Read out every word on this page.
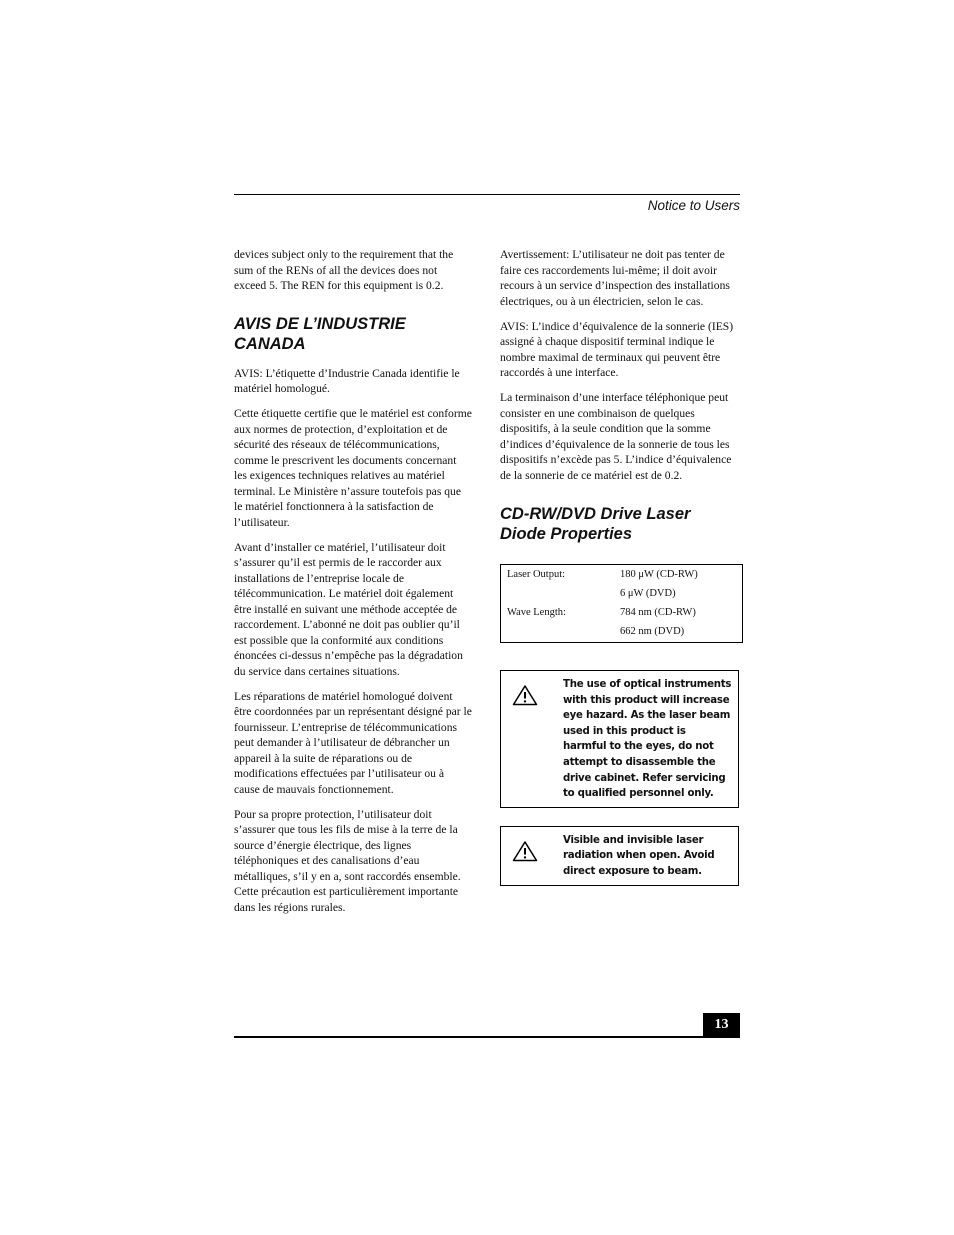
Notice to Users

devices subject only to the requirement that the sum of the RENs of all the devices does not exceed 5. The REN for this equipment is 0.2.

AVIS DE L’INDUSTRIE CANADA

AVIS: L’étiquette d’Industrie Canada identifie le matériel homologué.

Cette étiquette certifie que le matériel est conforme aux normes de protection, d’exploitation et de sécurité des réseaux de télécommunications, comme le prescrivent les documents concernant les exigences techniques relatives au matériel terminal. Le Ministère n’assure toutefois pas que le matériel fonctionnera à la satisfaction de l’utilisateur.

Avant d’installer ce matériel, l’utilisateur doit s’assurer qu’il est permis de le raccorder aux installations de l’entreprise locale de télécommunication. Le matériel doit également être installé en suivant une méthode acceptée de raccordement. L’abonné ne doit pas oublier qu’il est possible que la conformité aux conditions énoncées ci-dessus n’empêche pas la dégradation du service dans certaines situations.

Les réparations de matériel homologué doivent être coordonnées par un représentant désigné par le fournisseur. L’entreprise de télécommunications peut demander à l’utilisateur de débrancher un appareil à la suite de réparations ou de modifications effectuées par l’utilisateur ou à cause de mauvais fonctionnement.

Pour sa propre protection, l’utilisateur doit s’assurer que tous les fils de mise à la terre de la source d’énergie électrique, des lignes téléphoniques et des canalisations d’eau métalliques, s’il y en a, sont raccordés ensemble. Cette précaution est particulièrement importante dans les régions rurales.

Avertissement: L’utilisateur ne doit pas tenter de faire ces raccordements lui-même; il doit avoir recours à un service d’inspection des installations électriques, ou à un électricien, selon le cas.

AVIS: L’indice d’équivalence de la sonnerie (IES) assigné à chaque dispositif terminal indique le nombre maximal de terminaux qui peuvent être raccordés à une interface.

La terminaison d’une interface téléphonique peut consister en une combinaison de quelques dispositifs, à la seule condition que la somme d’indices d’équivalence de la sonnerie de tous les dispositifs n’excède pas 5. L’indice d’équivalence de la sonnerie de ce matériel est de 0.2.

CD-RW/DVD Drive Laser Diode Properties
Laser Output:	180 μW (CD-RW)
	6 μW (DVD)
Wave Length:	784 nm (CD-RW)
	662 nm (DVD)
The use of optical instruments with this product will increase eye hazard. As the laser beam used in this product is harmful to the eyes, do not attempt to disassemble the drive cabinet. Refer servicing to qualified personnel only.
Visible and invisible laser radiation when open. Avoid direct exposure to beam.
13
